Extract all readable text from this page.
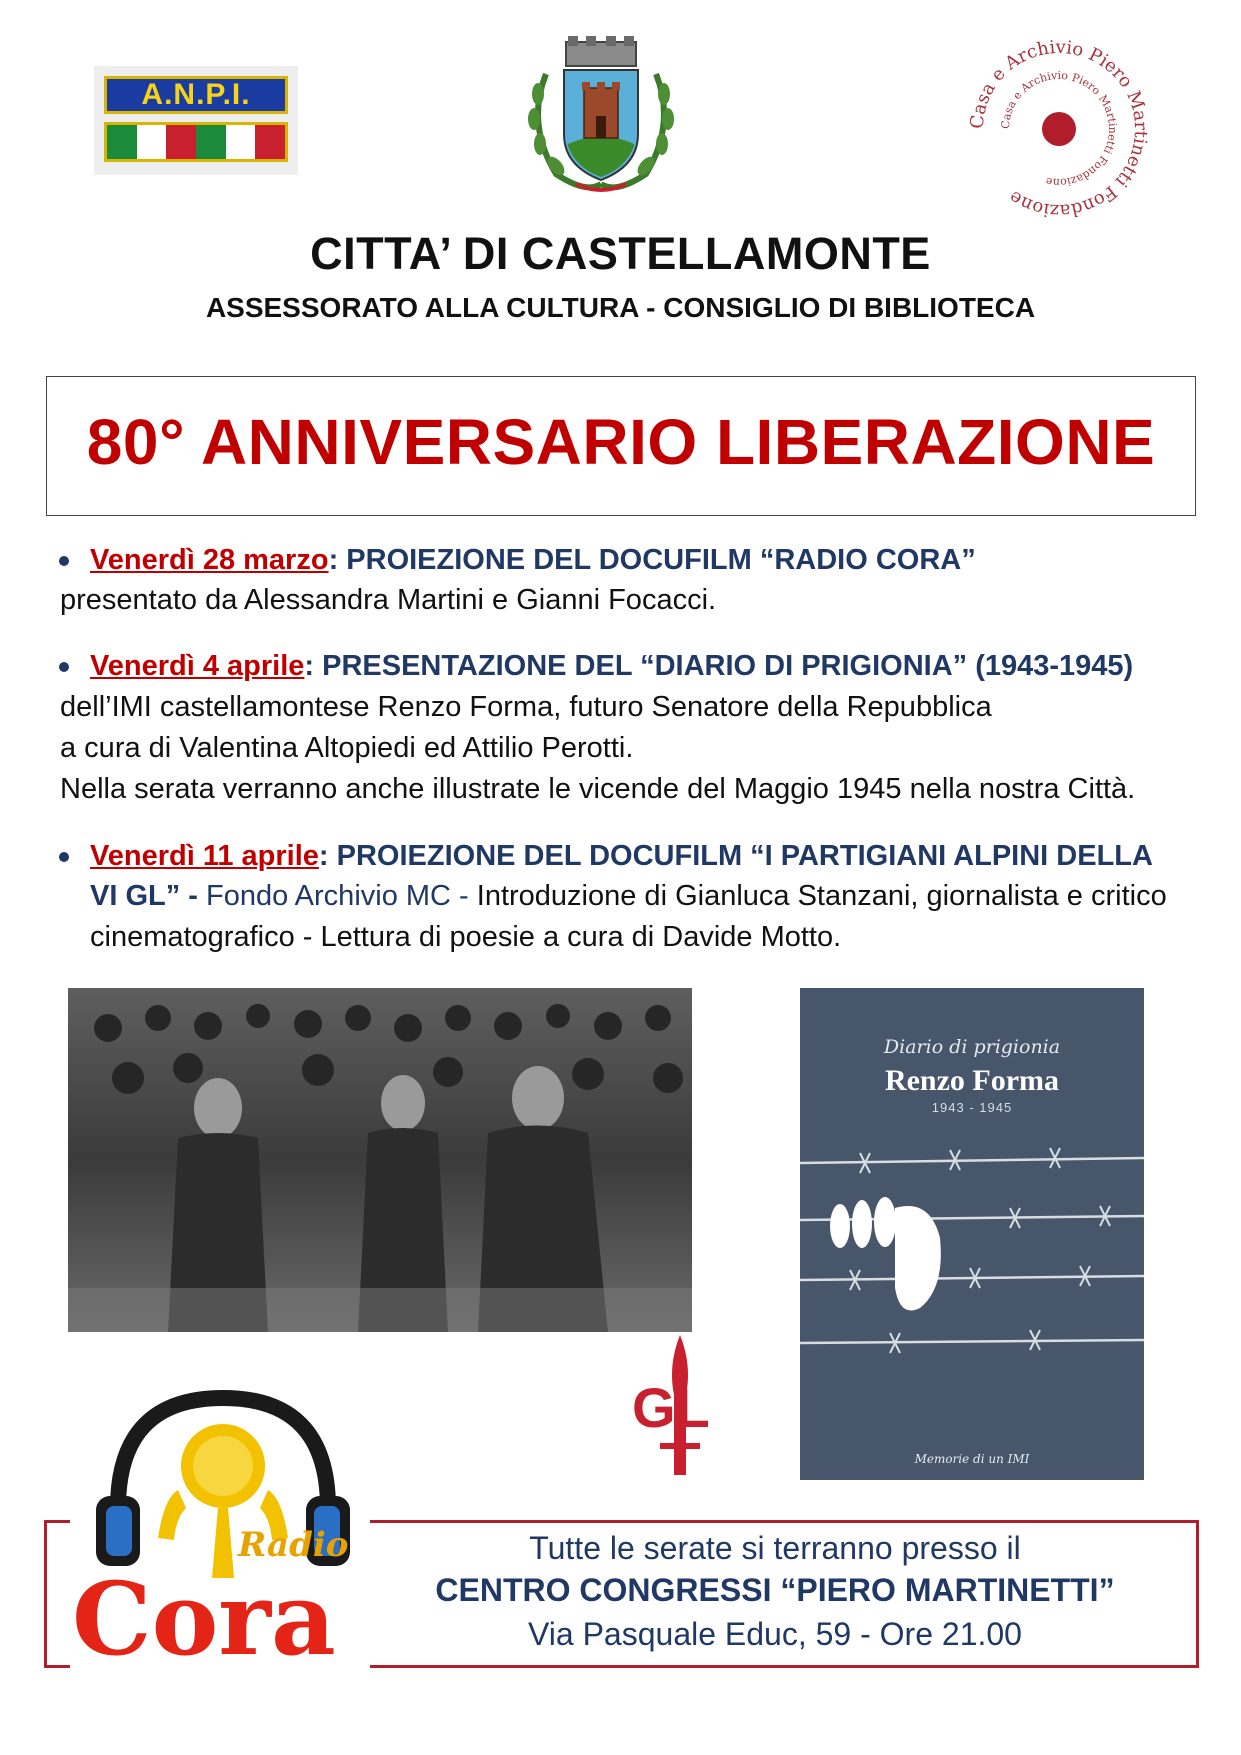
A.N.P.I.	asa e Archivio Piero M netti Fondazione
Casa e Archivio Piero Martinetti Fondazione
CITTA’ DI CASTELLAMONTE
ASSESSORATO ALLA CULTURA - CONSIGLIO DI BIBLIOTECA
80° ANNIVERSARIO LIBERAZIONE
Venerdì 28 marzo: PROIEZIONE DEL DOCUFILM “RADIO CORA”
presentato da Alessandra Martini e Gianni Focacci.
Venerdì 4 aprile: PRESENTAZIONE DEL “DIARIO DI PRIGIONIA” (1943-1945)
dell’IMI castellamontese Renzo Forma, futuro Senatore della Repubblica
a cura di Valentina Altopiedi ed Attilio Perotti.
Nella serata verranno anche illustrate le vicende del Maggio 1945 nella nostra Città.
Venerdì 11 aprile: PROIEZIONE DEL DOCUFILM “I PARTIGIANI ALPINI DELLA
VI GL” - Fondo Archivio MC - Introduzione di Gianluca Stanzani, giornalista e critico
cinematografico - Lettura di poesie a cura di Davide Motto.
Diario di prigionia
Renzo Forma
1943 - 1945
Memorie di un IMI
GL
Radio
Cora
Tutte le serate si terranno presso il
CENTRO CONGRESSI “PIERO MARTINETTI”
Via Pasquale Educ, 59 - Ore 21.00
